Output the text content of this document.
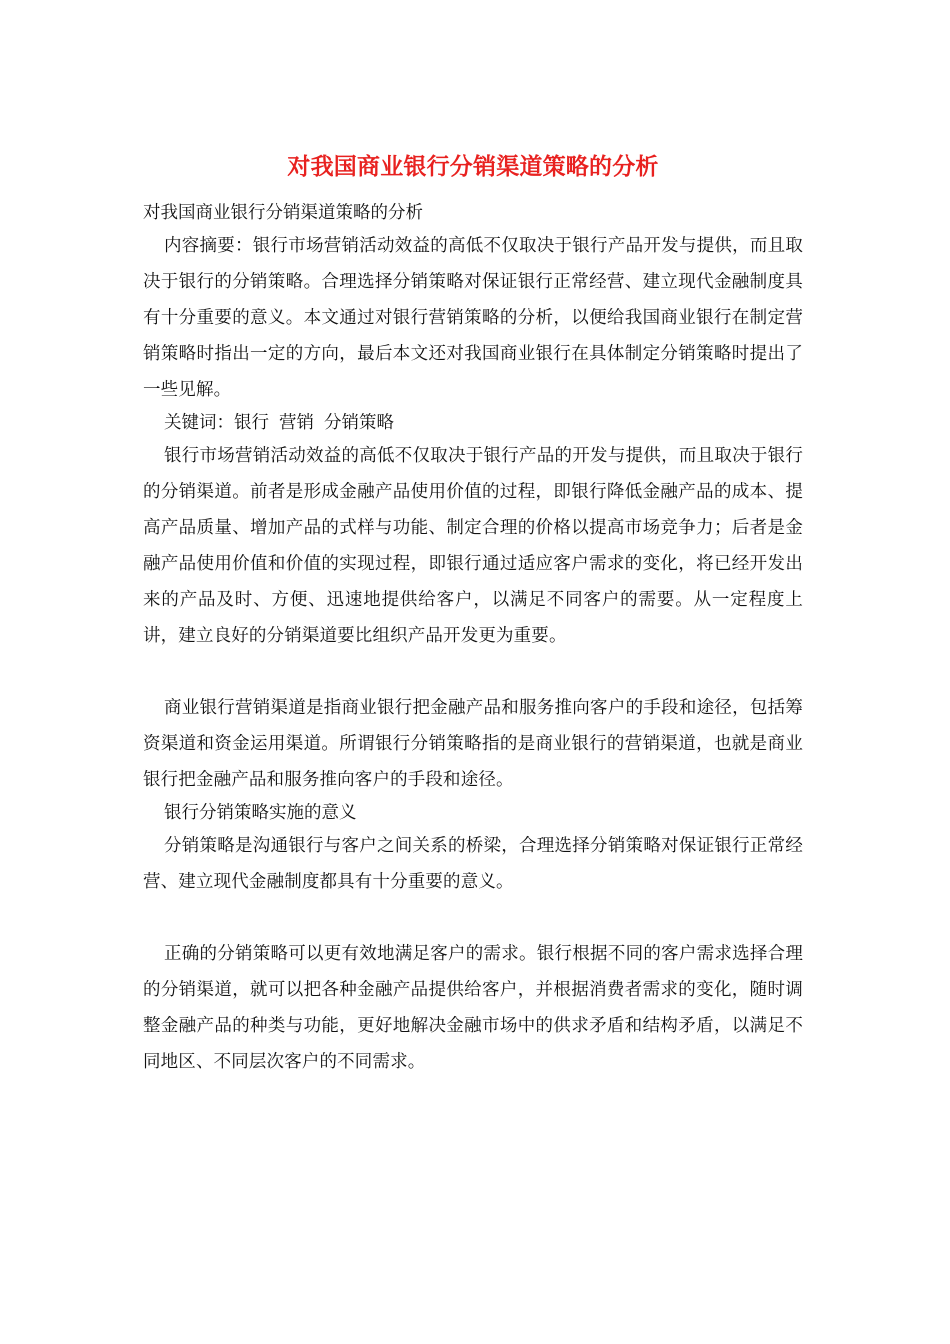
对我国商业银行分销渠道策略的分析

对我国商业银行分销渠道策略的分析

内容摘要：银行市场营销活动效益的高低不仅取决于银行产品开发与提供，而且取决于银行的分销策略。合理选择分销策略对保证银行正常经营、建立现代金融制度具有十分重要的意义。本文通过对银行营销策略的分析，以便给我国商业银行在制定营销策略时指出一定的方向，最后本文还对我国商业银行在具体制定分销策略时提出了一些见解。

关键词：银行 营销 分销策略

银行市场营销活动效益的高低不仅取决于银行产品的开发与提供，而且取决于银行的分销渠道。前者是形成金融产品使用价值的过程，即银行降低金融产品的成本、提高产品质量、增加产品的式样与功能、制定合理的价格以提高市场竞争力；后者是金融产品使用价值和价值的实现过程，即银行通过适应客户需求的变化，将已经开发出来的产品及时、方便、迅速地提供给客户，以满足不同客户的需要。从一定程度上讲，建立良好的分销渠道要比组织产品开发更为重要。

商业银行营销渠道是指商业银行把金融产品和服务推向客户的手段和途径，包括筹资渠道和资金运用渠道。所谓银行分销策略指的是商业银行的营销渠道，也就是商业银行把金融产品和服务推向客户的手段和途径。

银行分销策略实施的意义

分销策略是沟通银行与客户之间关系的桥梁，合理选择分销策略对保证银行正常经营、建立现代金融制度都具有十分重要的意义。

正确的分销策略可以更有效地满足客户的需求。银行根据不同的客户需求选择合理的分销渠道，就可以把各种金融产品提供给客户，并根据消费者需求的变化，随时调整金融产品的种类与功能，更好地解决金融市场中的供求矛盾和结构矛盾，以满足不同地区、不同层次客户的不同需求。
